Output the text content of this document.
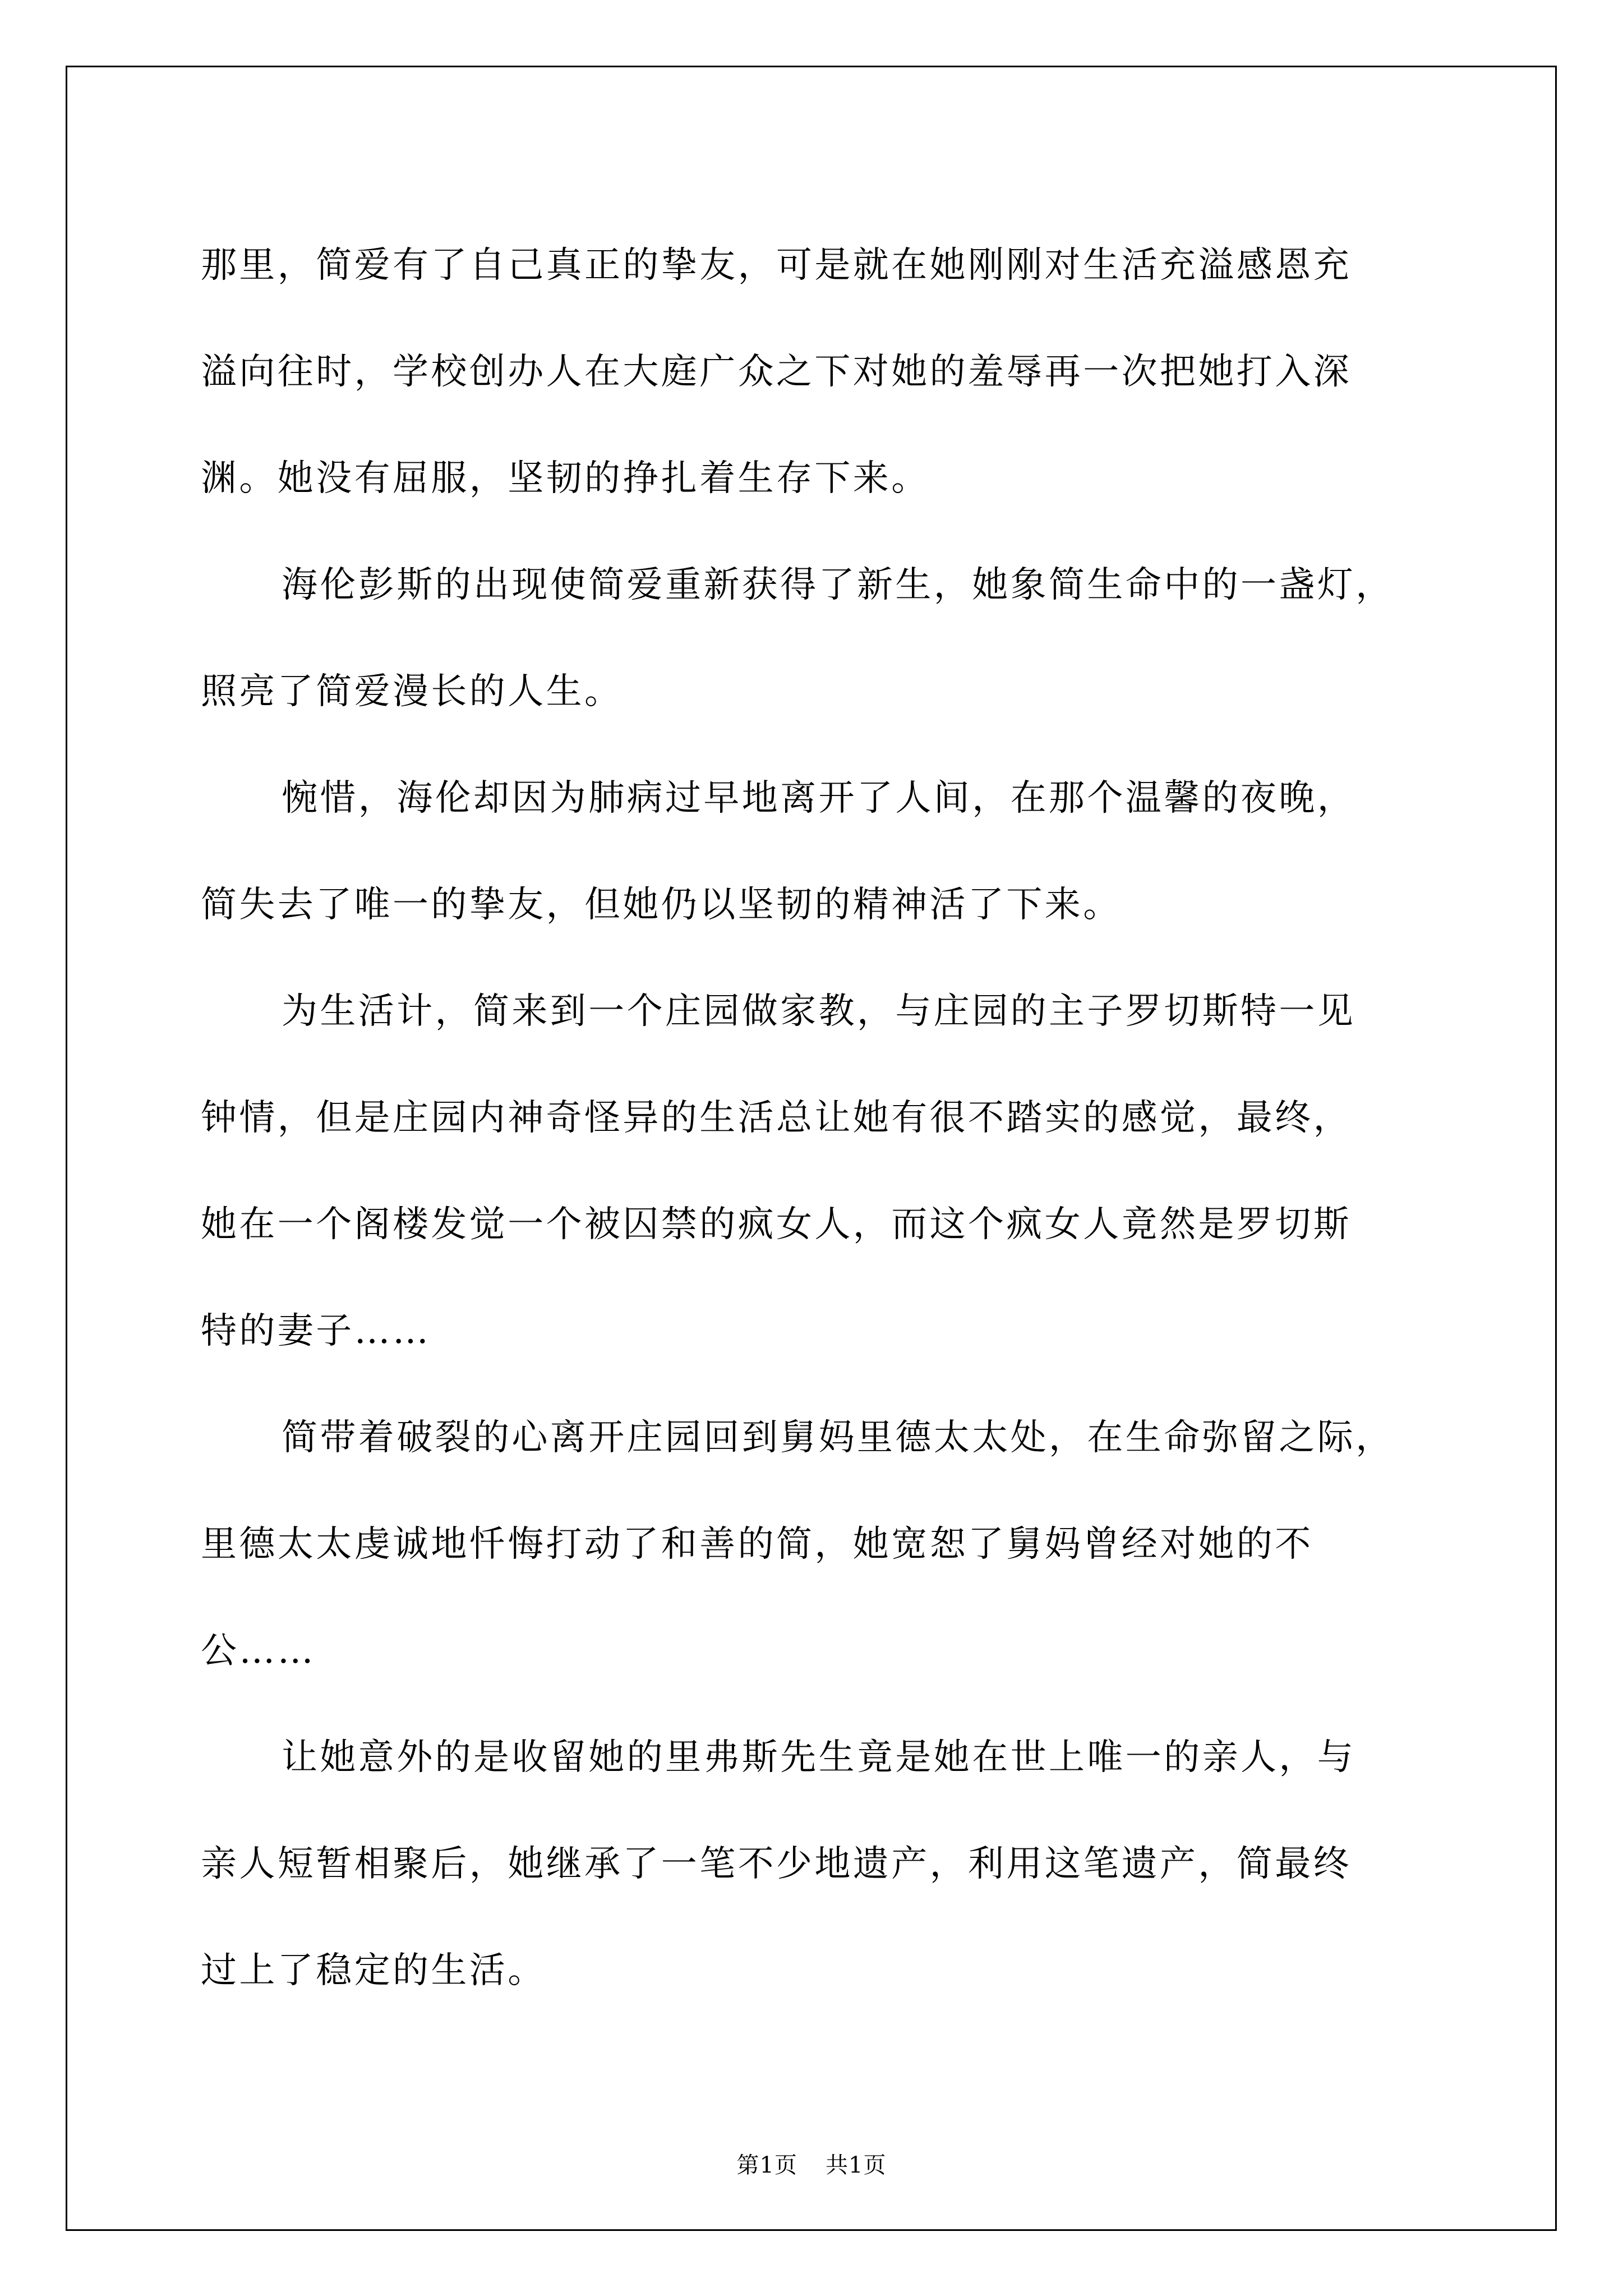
那里，简爱有了自己真正的挚友，可是就在她刚刚对生活充溢感恩充
溢向往时，学校创办人在大庭广众之下对她的羞辱再一次把她打入深
渊。她没有屈服，坚韧的挣扎着生存下来。
海伦彭斯的出现使简爱重新获得了新生，她象简生命中的一盏灯，
照亮了简爱漫长的人生。
惋惜，海伦却因为肺病过早地离开了人间，在那个温馨的夜晚，
简失去了唯一的挚友，但她仍以坚韧的精神活了下来。
为生活计，简来到一个庄园做家教，与庄园的主子罗切斯特一见
钟情，但是庄园内神奇怪异的生活总让她有很不踏实的感觉，最终，
她在一个阁楼发觉一个被囚禁的疯女人，而这个疯女人竟然是罗切斯
特的妻子……
简带着破裂的心离开庄园回到舅妈里德太太处，在生命弥留之际，
里德太太虔诚地忏悔打动了和善的简，她宽恕了舅妈曾经对她的不
公……
让她意外的是收留她的里弗斯先生竟是她在世上唯一的亲人，与
亲人短暂相聚后，她继承了一笔不少地遗产，利用这笔遗产，简最终
过上了稳定的生活。
第1页 共1页
